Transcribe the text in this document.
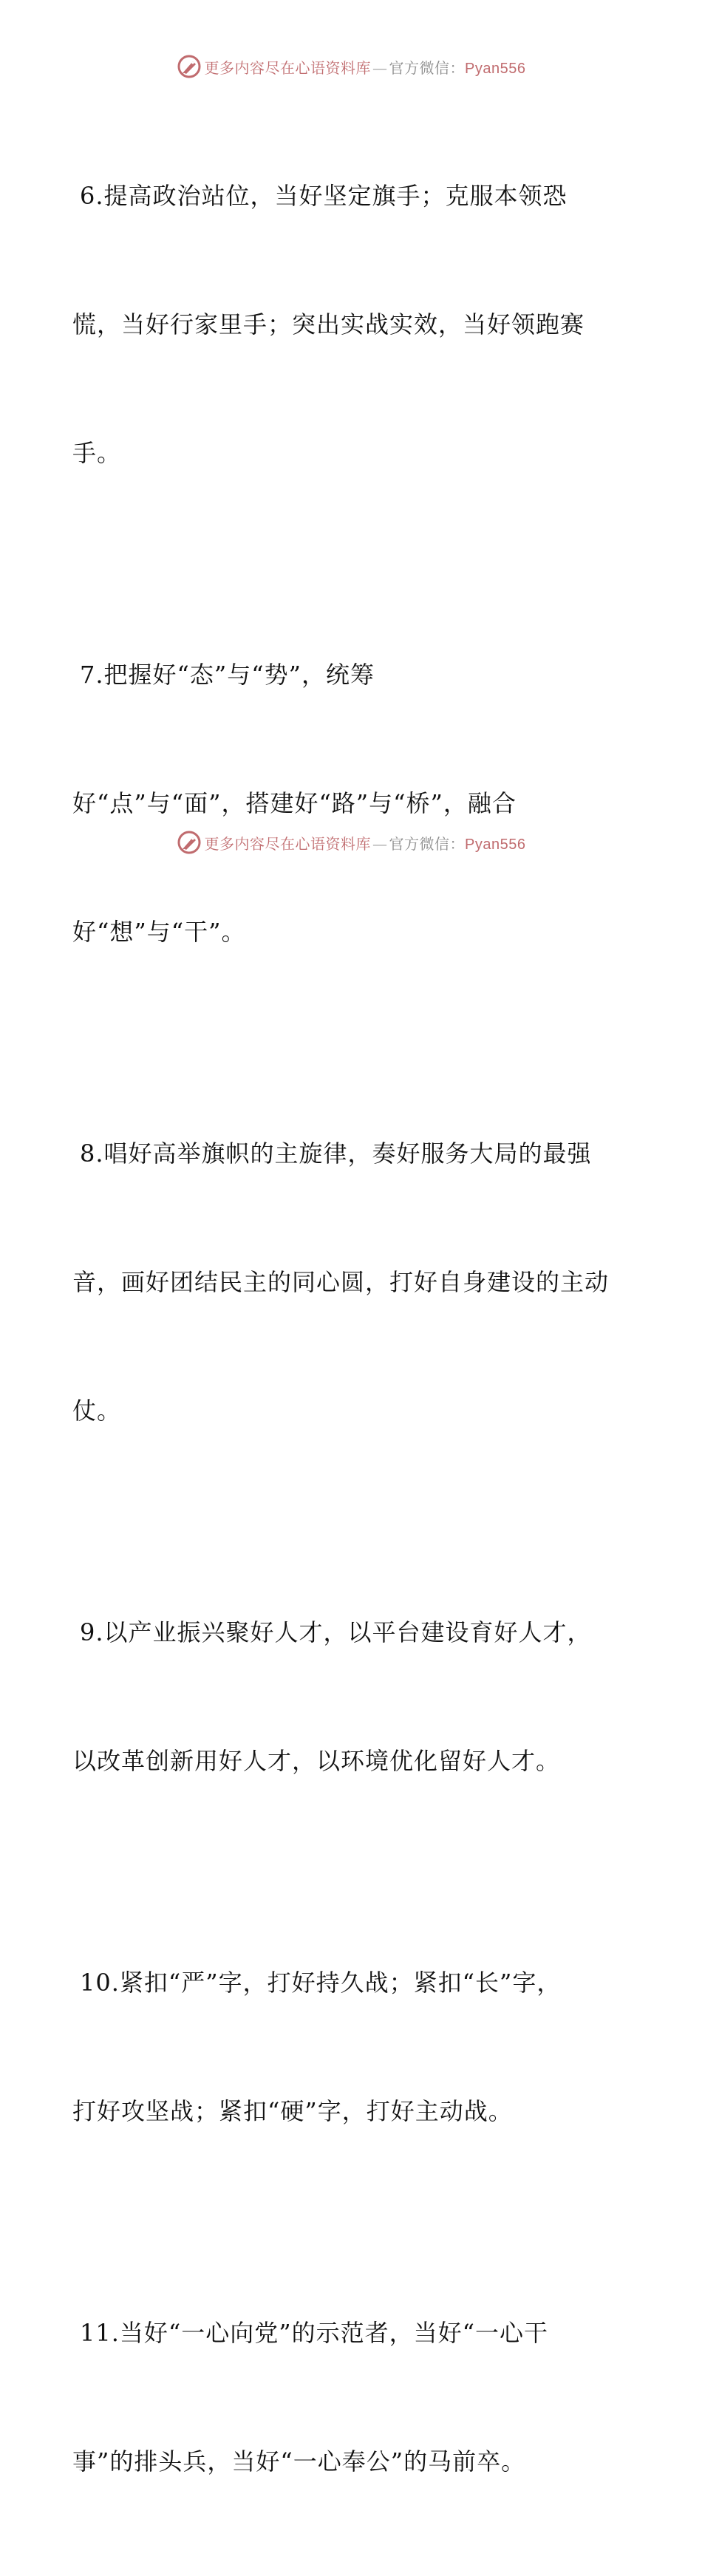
更多内容尽在心语资料库 — 官方微信：Pyan556

6.提高政治站位，当好坚定旗手；克服本领恐

慌，当好行家里手；突出实战实效，当好领跑赛

手。

7.把握好“态”与“势”，统筹

好“点”与“面”，搭建好“路”与“桥”，融合

好“想”与“干”。

8.唱好高举旗帜的主旋律，奏好服务大局的最强

音，画好团结民主的同心圆，打好自身建设的主动

仗。

9.以产业振兴聚好人才，以平台建设育好人才，

以改革创新用好人才，以环境优化留好人才。

10.紧扣“严”字，打好持久战；紧扣“长”字，

打好攻坚战；紧扣“硬”字，打好主动战。

11.当好“一心向党”的示范者，当好“一心干

事”的排头兵，当好“一心奉公”的马前卒。

更多内容尽在心语资料库 — 官方微信：Pyan556
